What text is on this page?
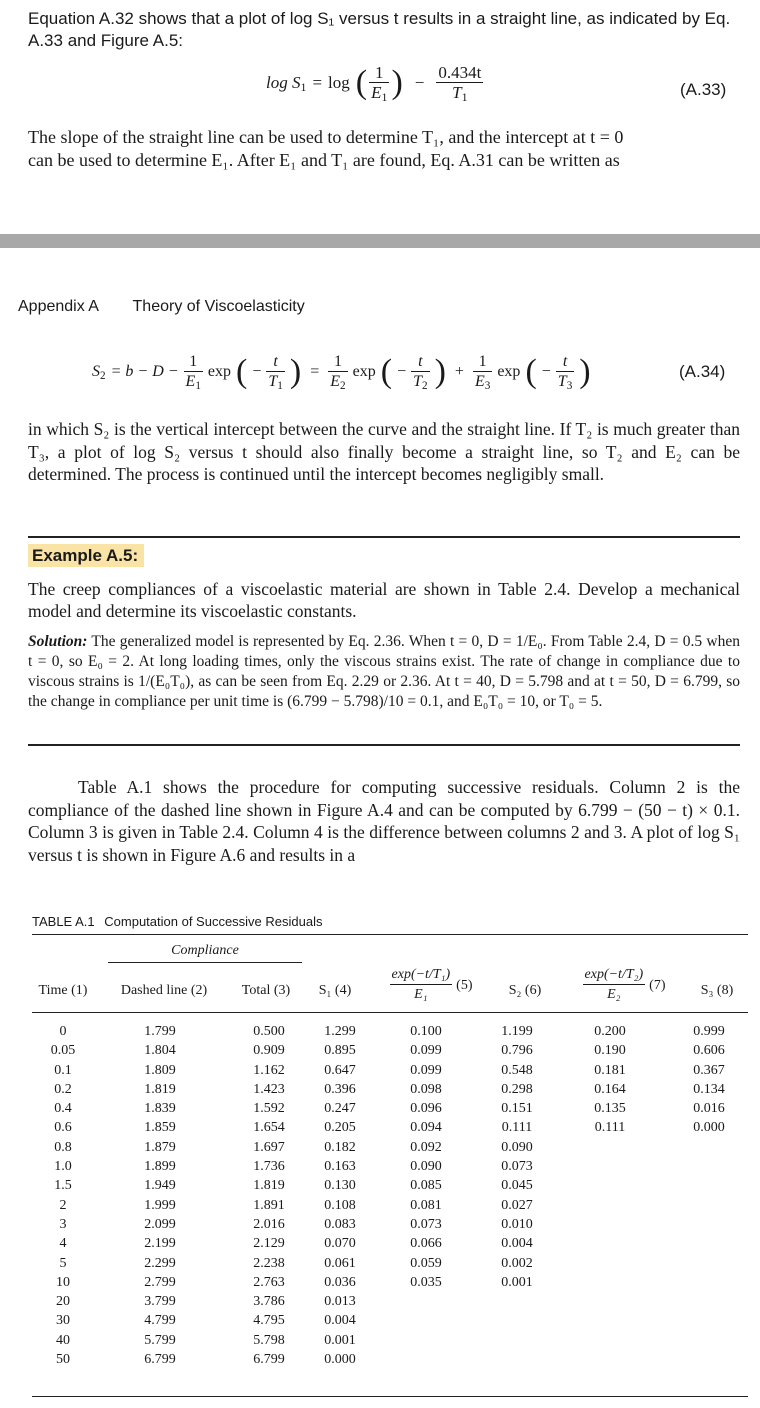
Equation A.32 shows that a plot of log S₁ versus t results in a straight line, as indicated by Eq. A.33 and Figure A.5:
$\log S_1 = \log$ ( $\frac{1}{E_1}$ ) − $\frac{0.434t}{T_1}$	(A.33)
The slope of the straight line can be used to determine T₁, and the intercept at t = 0
can be used to determine E₁. After E₁ and T₁ are found, Eq. A.31 can be written as
Appendix A Theory of Viscoelasticity
$S_2 = b - D - \frac{1}{E_1}$ exp ( − $\frac{t}{T_1}$ ) = $\frac{1}{E_2}$ exp ( − $\frac{t}{T_2}$ ) + $\frac{1}{E_3}$ exp ( − $\frac{t}{T_3}$ )	(A.34)
in which S₂ is the vertical intercept between the curve and the straight line. If T₂ is much greater than T₃, a plot of log S₂ versus t should also finally become a straight line, so T₂ and E₂ can be determined. The process is continued until the intercept becomes negligibly small.
Example A.5:
The creep compliances of a viscoelastic material are shown in Table 2.4. Develop a mechanical model and determine its viscoelastic constants.
Solution: The generalized model is represented by Eq. 2.36. When t = 0, D = 1/E₀. From Table 2.4, D = 0.5 when t = 0, so E₀ = 2. At long loading times, only the viscous strains exist. The rate of change in compliance due to viscous strains is 1/(E₀T₀), as can be seen from Eq. 2.29 or 2.36. At t = 40, D = 5.798 and at t = 50, D = 6.799, so the change in compliance per unit time is (6.799 − 5.798)/10 = 0.1, and E₀T₀ = 10, or T₀ = 5.
Table A.1 shows the procedure for computing successive residuals. Column 2 is the compliance of the dashed line shown in Figure A.4 and can be computed by 6.799 − (50 − t) × 0.1. Column 3 is given in Table 2.4. Column 4 is the difference between columns 2 and 3. A plot of log S₁ versus t is shown in Figure A.6 and results in a
TABLE A.1 Computation of Successive Residuals
Compliance
Time (1)	Dashed line (2)	Total (3)	S₁ (4)	$\frac{\text{exp(−t/T₁)}}{\text{E₁}} (5)$	S₂ (6)	$\frac{\text{exp(−t/T₂)}}{\text{E₂}} (7)$	S₃ (8)
0	1.799	0.500	1.299	0.100	1.199	0.200	0.999
0.05	1.804	0.909	0.895	0.099	0.796	0.190	0.606
0.1	1.809	1.162	0.647	0.099	0.548	0.181	0.367
0.2	1.819	1.423	0.396	0.098	0.298	0.164	0.134
0.4	1.839	1.592	0.247	0.096	0.151	0.135	0.016
0.6	1.859	1.654	0.205	0.094	0.111	0.111	0.000
0.8	1.879	1.697	0.182	0.092	0.090		
1.0	1.899	1.736	0.163	0.090	0.073		
1.5	1.949	1.819	0.130	0.085	0.045		
2	1.999	1.891	0.108	0.081	0.027		
3	2.099	2.016	0.083	0.073	0.010		
4	2.199	2.129	0.070	0.066	0.004		
5	2.299	2.238	0.061	0.059	0.002		
10	2.799	2.763	0.036	0.035	0.001		
20	3.799	3.786	0.013				
30	4.799	4.795	0.004				
40	5.799	5.798	0.001				
50	6.799	6.799	0.000				
